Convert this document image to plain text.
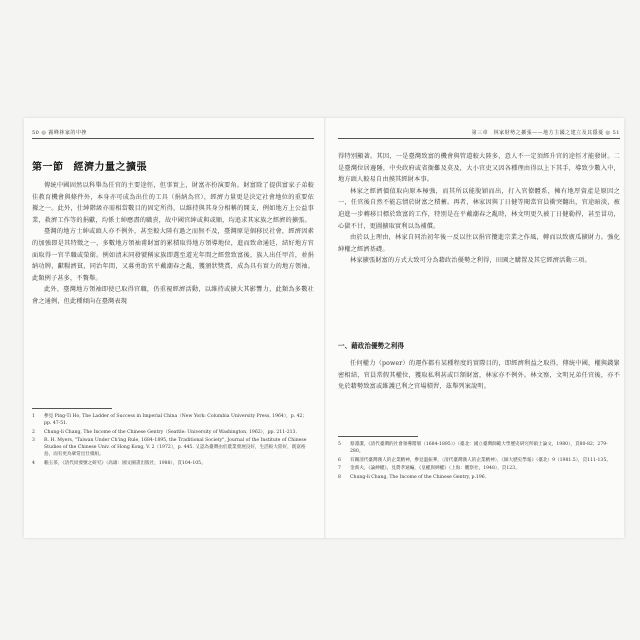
50 ◎ 霧峰林家的中挫
第一節 經濟力量之擴張

傳統中國固然以科舉為任官的主要途徑，但事實上，財富亦扮演要角。財富除了提供富家子弟較佳教育機會與條件外，本身亦可成為出仕的工具（捐納為官），經濟力量更是決定社會地位的重要依據之一。此外，仕紳階級亦需相當數目的固定所得，以維持與其身分相稱的開支，例如地方上公益事業，救濟工作等的捐獻，均係士紳應盡的職責，故中國官紳或與或順，均追求其家族之經濟的擴張。

臺灣的地方士紳或頭人亦不例外，甚至較大陸有過之而無不及，臺灣原是個移民社會，經濟因素的加強即是其特徵之一，多數地方領袖甫財富的累積取得地方領導地位，進而致命通廷，結好地方官面取得一官半職或榮銜。例如清末同發號稱家族即選至道光年間之經營致富後，族人出任甲首，並捐納功牌，獻糧濟貧，同治年間，又募勇助官平戴潮春之亂，獲頒狀獎賞，成為具有實力的地方領袖。此類例子甚多，不贅舉。

此外，臺灣地方領袖即使已取得官職，仍重視經濟活動，以維持或擴大其影響力，此類為多數社會之通例，但此種傾向在臺灣表現

1	參見 Ping-Ti Ho, The Ladder of Success in Imperial China（New York: Columbia University Press, 1964），p. 42；pp. 47-51.
2	Chung-li Chang, The Income of the Chinese Gentry（Seattle: University of Washington, 1962），pp. 211-213.
3	R. H. Myers, "Taiwan Under Ch'ing Rule, 1684-1895, the Traditional Society", Journal of the Institute of Chinese Studies of the Chinese Univ. of Hong Kong, V. 2（1972），p. 445. 又認為臺灣由於農業發展良好，生活較大陸好，既富裕島，而有更為眾常出仕模組。
4	賴玉茶，《清代同發號之研究》（高雄：國文圖書出版社，1988），頁104-105。
第三章　林家財勢之擴張——地方主國之建立及其隱憂 ◎ 51

得特別顯著。其因，一是臺灣致富的機會與管道較大陸多，意人不一定須經升官的途徑才能發財。二是臺灣位居邊陲，中央政府或省衙難及莫及，大小官吏又因各種理由得以上下其手，導致少數入中，地方頭人較易自由摸其經財本事。

林家之經濟價值取向原本極強，而其所以能脫穎而出，打入官僚體系，擁有地厚資產是原因之一，任官後自然不能忘情於財富之積蓄。再者，林家因與丁日健等閱當官員衝突翻出，官途暗淡，被迫進一步轉移目標於致富的工作，特別是在平戴潮春之亂時，林文明更久被丁日健勒捍，甚至冒功，心獄不甘，更圖擴取實利以為補償。

由於以上理由，林家自同治初年後一反以往以捐官攬進宗業之作風，轉而以致廣瓜擴財力。強化紳權之經濟基礎。

林家擴張財富的方式大致可分為藉政治優勢之利得，田園之購置及其它經濟活動三項。

一、藉政治優勢之利得

任何權力（power）的運作都有某種程度的實際目的，即經濟利益之取得，傳統中國，權與錢緊密相結，官員常假其權位，獲取私利甚或巨額財富，林家亦不例外。林文察，文明兄弟任官後，亦不免於藉勢致富或維護已利之官場積習，茲舉列案說明。

5	蔡淵潔，《清代臺灣的社會領導階層（1684-1895）》（臺北：國立臺灣師範大學歷史研究所碩士論文，1980），頁80-82；279-280。
6	有關清代臺灣漢人的企業精神，參見溫振華，〈清代臺灣漢人的企業精神〉，《師大歷史學報》（臺北）9（1981.5），頁111-135。
7	金萬夫，《論紳權》，見費孝通編，《皇權與紳權》（上海：觀察社，1948），頁123。
8	Chung-li Chang, The Income of the Chinese Gentry, p.196.
